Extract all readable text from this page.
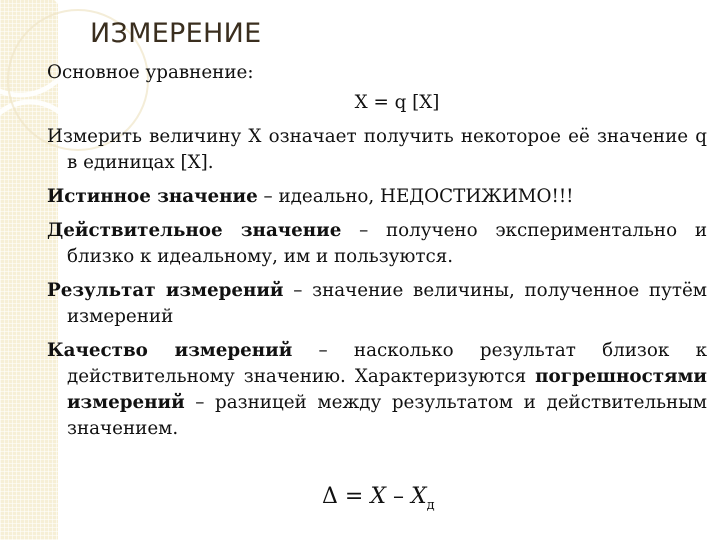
ИЗМЕРЕНИЕ

Основное уравнение:

X = q [X]

Измерить величину X означает получить некоторое её значение q в единицах [X].

Истинное значение – идеально, НЕДОСТИЖИМО!!!

Действительное значение – получено экспериментально и близко к идеальному, им и пользуются.

Результат измерений – значение величины, полученное путём измерений

Качество измерений – насколько результат близок к действительному значению. Характеризуются погрешностями измерений – разницей между результатом и действительным значением.

$\Delta = X - X_д$
